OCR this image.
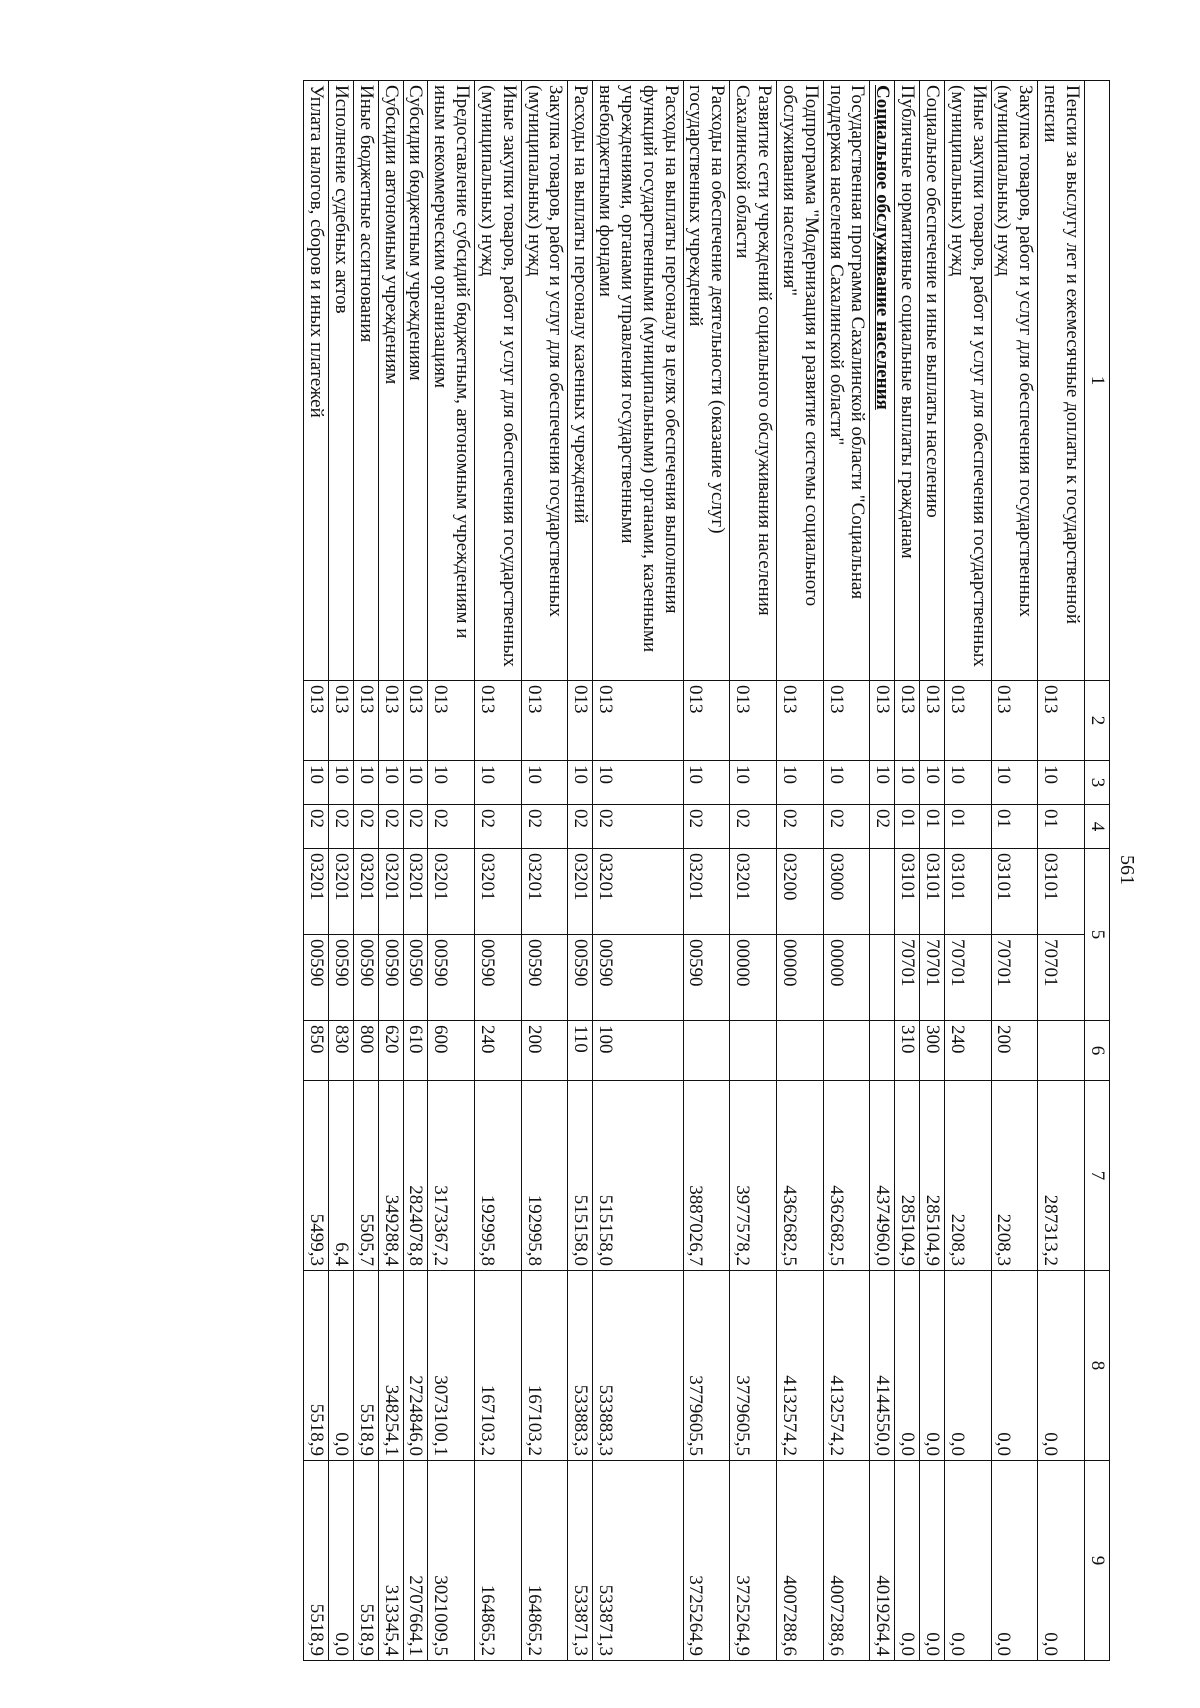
561
1	2	3	4	5		6	7	8	9
Пенсии за выслугу лет и ежемесячные доплаты к государственной пенсии	013	10	01	03101	70701		287313,2	0,0	0,0
Закупка товаров, работ и услуг для обеспечения государственных (муниципальных) нужд	013	10	01	03101	70701	200	2208,3	0,0	0,0
Иные закупки товаров, работ и услуг для обеспечения государственных (муниципальных) нужд	013	10	01	03101	70701	240	2208,3	0,0	0,0
Социальное обеспечение и иные выплаты населению	013	10	01	03101	70701	300	285104,9	0,0	0,0
Публичные нормативные социальные выплаты гражданам	013	10	01	03101	70701	310	285104,9	0,0	0,0
Социальное обслуживание населения	013	10	02				4374960,0	4144550,0	4019264,4
Государственная программа Сахалинской области "Социальная поддержка населения Сахалинской области"	013	10	02	03000	00000		4362682,5	4132574,2	4007288,6
Подпрограмма "Модернизация и развитие системы социального обслуживания населения"	013	10	02	03200	00000		4362682,5	4132574,2	4007288,6
Развитие сети учреждений социального обслуживания населения Сахалинской области	013	10	02	03201	00000		3977578,2	3779605,5	3725264,9
Расходы на обеспечение деятельности (оказание услуг) государственных учреждений	013	10	02	03201	00590		3887026,7	3779605,5	3725264,9
Расходы на выплаты персоналу в целях обеспечения выполнения функций государственными (муниципальными) органами, казенными учреждениями, органами управления государственными внебюджетными фондами	013	10	02	03201	00590	100	515158,0	533883,3	533871,3
Расходы на выплаты персоналу казенных учреждений	013	10	02	03201	00590	110	515158,0	533883,3	533871,3
Закупка товаров, работ и услуг для обеспечения государственных (муниципальных) нужд	013	10	02	03201	00590	200	192995,8	167103,2	164865,2
Иные закупки товаров, работ и услуг для обеспечения государственных (муниципальных) нужд	013	10	02	03201	00590	240	192995,8	167103,2	164865,2
Предоставление субсидий бюджетным, автономным учреждениям и иным некоммерческим организациям	013	10	02	03201	00590	600	3173367,2	3073100,1	3021009,5
Субсидии бюджетным учреждениям	013	10	02	03201	00590	610	2824078,8	2724846,0	2707664,1
Субсидии автономным учреждениям	013	10	02	03201	00590	620	349288,4	348254,1	313345,4
Иные бюджетные ассигнования	013	10	02	03201	00590	800	5505,7	5518,9	5518,9
Исполнение судебных актов	013	10	02	03201	00590	830	6,4	0,0	0,0
Уплата налогов, сборов и иных платежей	013	10	02	03201	00590	850	5499,3	5518,9	5518,9
